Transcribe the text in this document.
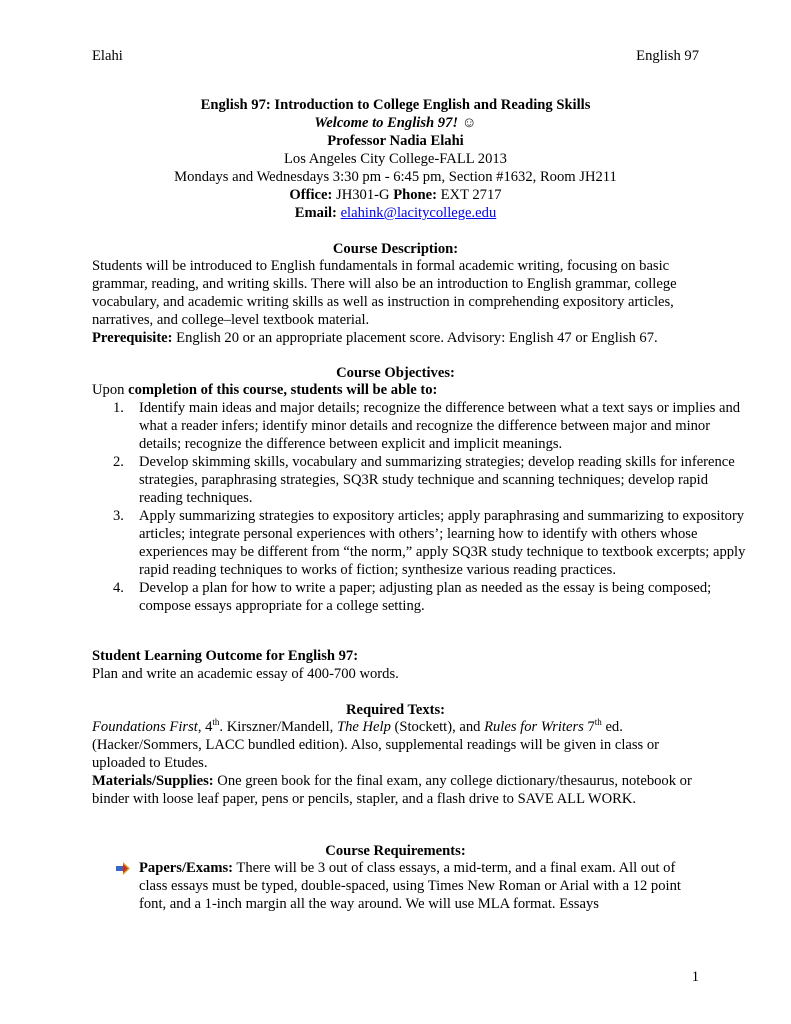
Elahi	English 97
English 97: Introduction to College English and Reading Skills
Welcome to English 97! ☺
Professor Nadia Elahi
Los Angeles City College-FALL 2013
Mondays and Wednesdays 3:30 pm - 6:45 pm, Section #1632, Room JH211
Office: JH301-G Phone: EXT 2717
Email: elahink@lacitycollege.edu
Course Description:
Students will be introduced to English fundamentals in formal academic writing, focusing on basic grammar, reading, and writing skills. There will also be an introduction to English grammar, college vocabulary, and academic writing skills as well as instruction in comprehending expository articles, narratives, and college–level textbook material.
Prerequisite: English 20 or an appropriate placement score. Advisory: English 47 or English 67.
Course Objectives:
Upon completion of this course, students will be able to:
1. Identify main ideas and major details; recognize the difference between what a text says or implies and what a reader infers; identify minor details and recognize the difference between major and minor details; recognize the difference between explicit and implicit meanings.
2. Develop skimming skills, vocabulary and summarizing strategies; develop reading skills for inference strategies, paraphrasing strategies, SQ3R study technique and scanning techniques; develop rapid reading techniques.
3. Apply summarizing strategies to expository articles; apply paraphrasing and summarizing to expository articles; integrate personal experiences with others’; learning how to identify with others whose experiences may be different from “the norm,” apply SQ3R study technique to textbook excerpts; apply rapid reading techniques to works of fiction; synthesize various reading practices.
4. Develop a plan for how to write a paper; adjusting plan as needed as the essay is being composed; compose essays appropriate for a college setting.
Student Learning Outcome for English 97:
Plan and write an academic essay of 400-700 words.
Required Texts:
Foundations First, 4th. Kirszner/Mandell, The Help (Stockett), and Rules for Writers 7th ed. (Hacker/Sommers, LACC bundled edition). Also, supplemental readings will be given in class or uploaded to Etudes.
Materials/Supplies: One green book for the final exam, any college dictionary/thesaurus, notebook or binder with loose leaf paper, pens or pencils, stapler, and a flash drive to SAVE ALL WORK.
Course Requirements:
Papers/Exams: There will be 3 out of class essays, a mid-term, and a final exam. All out of class essays must be typed, double-spaced, using Times New Roman or Arial with a 12 point font, and a 1-inch margin all the way around. We will use MLA format. Essays
1
